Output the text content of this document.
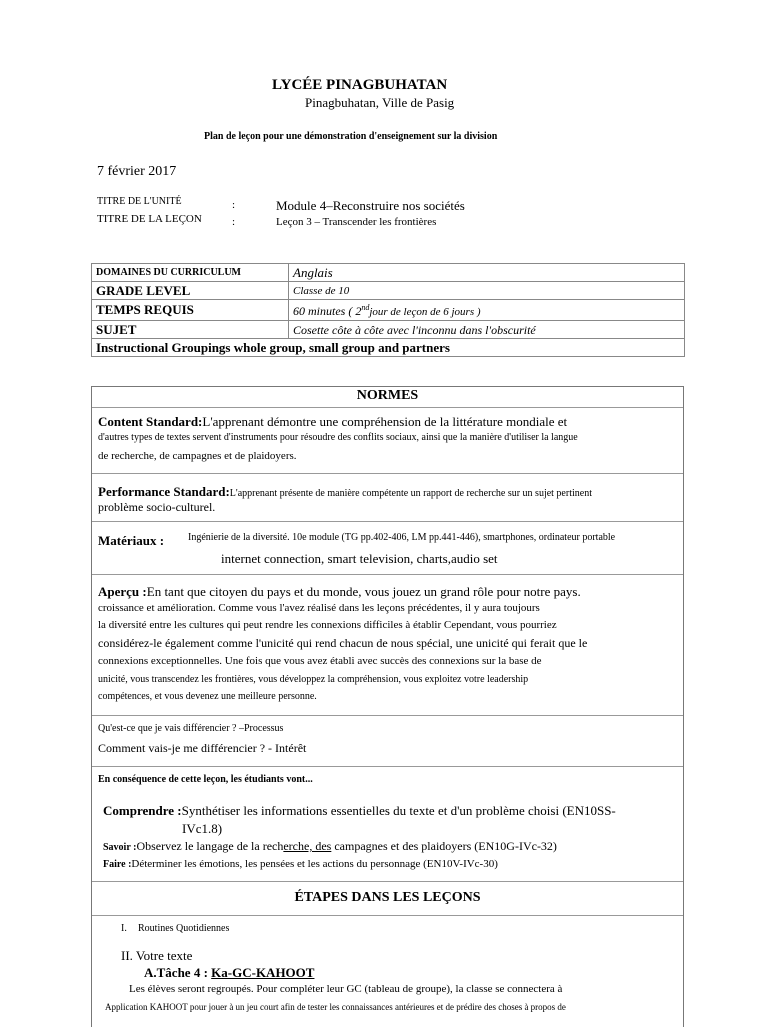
LYCÉE PINAGBUHATAN
Pinagbuhatan, Ville de Pasig
Plan de leçon pour une démonstration d'enseignement sur la division
7 février 2017
TITRE DE L'UNITÉ	:	Module 4–Reconstruire nos sociétés
TITRE DE LA LEÇON	:	Leçon 3 – Transcender les frontières
DOMAINES DU CURRICULUM	Anglais
GRADE LEVEL	Classe de 10
TEMPS REQUIS	60 minutes ( 2ndjour de leçon de 6 jours )
SUJET	Cosette côte à côte avec l'inconnu dans l'obscurité
Instructional Groupings whole group, small group and partners	
NORMES
Content Standard:L'apprenant démontre une compréhension de la littérature mondiale et
d'autres types de textes servent d'instruments pour résoudre des conflits sociaux, ainsi que la manière d'utiliser la langue
de recherche, de campagnes et de plaidoyers.
Performance Standard:L'apprenant présente de manière compétente un rapport de recherche sur un sujet pertinent
problème socio-culturel.
Matériaux : Ingénierie de la diversité. 10e module (TG pp.402-406, LM pp.441-446), smartphones, ordinateur portable
internet connection, smart television, charts,audio set
Aperçu :En tant que citoyen du pays et du monde, vous jouez un grand rôle pour notre pays.
croissance et amélioration. Comme vous l'avez réalisé dans les leçons précédentes, il y aura toujours
la diversité entre les cultures qui peut rendre les connexions difficiles à établir Cependant, vous pourriez
considérez-le également comme l'unicité qui rend chacun de nous spécial, une unicité qui ferait que le
connexions exceptionnelles. Une fois que vous avez établi avec succès des connexions sur la base de
unicité, vous transcendez les frontières, vous développez la compréhension, vous exploitez votre leadership
compétences, et vous devenez une meilleure personne.
Qu'est-ce que je vais différencier ? –Processus
Comment vais-je me différencier ? - Intérêt
En conséquence de cette leçon, les étudiants vont...
Comprendre :Synthétiser les informations essentielles du texte et d'un problème choisi (EN10SS-
IVc1.8)
Savoir :Observez le langage de la recherche, des campagnes et des plaidoyers (EN10G-IVc-32)
Faire :Déterminer les émotions, les pensées et les actions du personnage (EN10V-IVc-30)
ÉTAPES DANS LES LEÇONS
I. Routines Quotidiennes
II. Votre texte
A.Tâche 4 : Ka-GC-KAHOOT
Les élèves seront regroupés. Pour compléter leur GC (tableau de groupe), la classe se connectera à
Application KAHOOT pour jouer à un jeu court afin de tester les connaissances antérieures et de prédire des choses à propos de
